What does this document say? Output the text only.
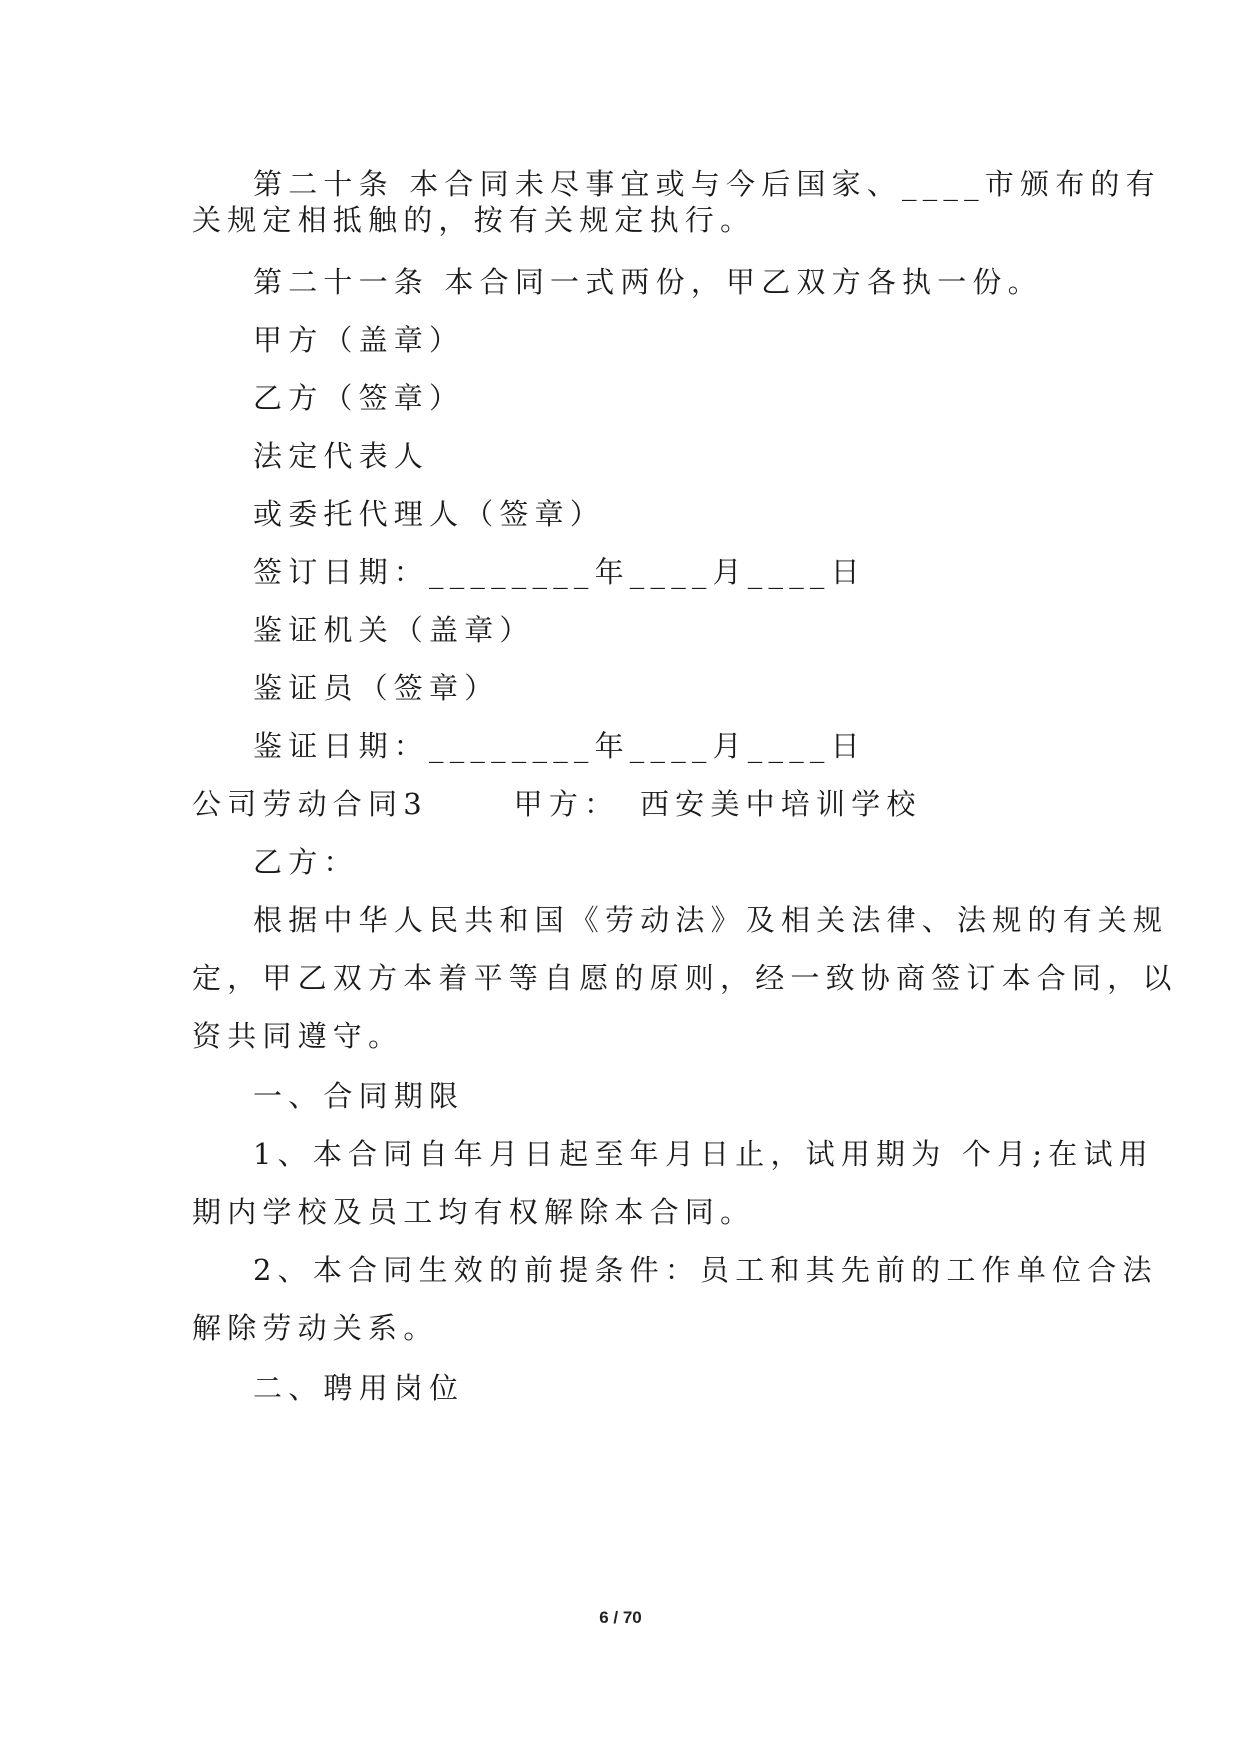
第二十条 本合同未尽事宜或与今后国家、____市颁布的有
关规定相抵触的，按有关规定执行。
第二十一条 本合同一式两份，甲乙双方各执一份。
甲方（盖章）
乙方（签章）
法定代表人
或委托代理人（签章）
签订日期：________年____月____日
鉴证机关（盖章）
鉴证员（签章）
鉴证日期：________年____月____日
公司劳动合同3 　　甲方：　西安美中培训学校
乙方：
根据中华人民共和国《劳动法》及相关法律、法规的有关规
定，甲乙双方本着平等自愿的原则，经一致协商签订本合同，以
资共同遵守。
一、合同期限
1、本合同自年月日起至年月日止，试用期为 个月;在试用
期内学校及员工均有权解除本合同。
2、本合同生效的前提条件：员工和其先前的工作单位合法
解除劳动关系。
二、聘用岗位
6 / 70
